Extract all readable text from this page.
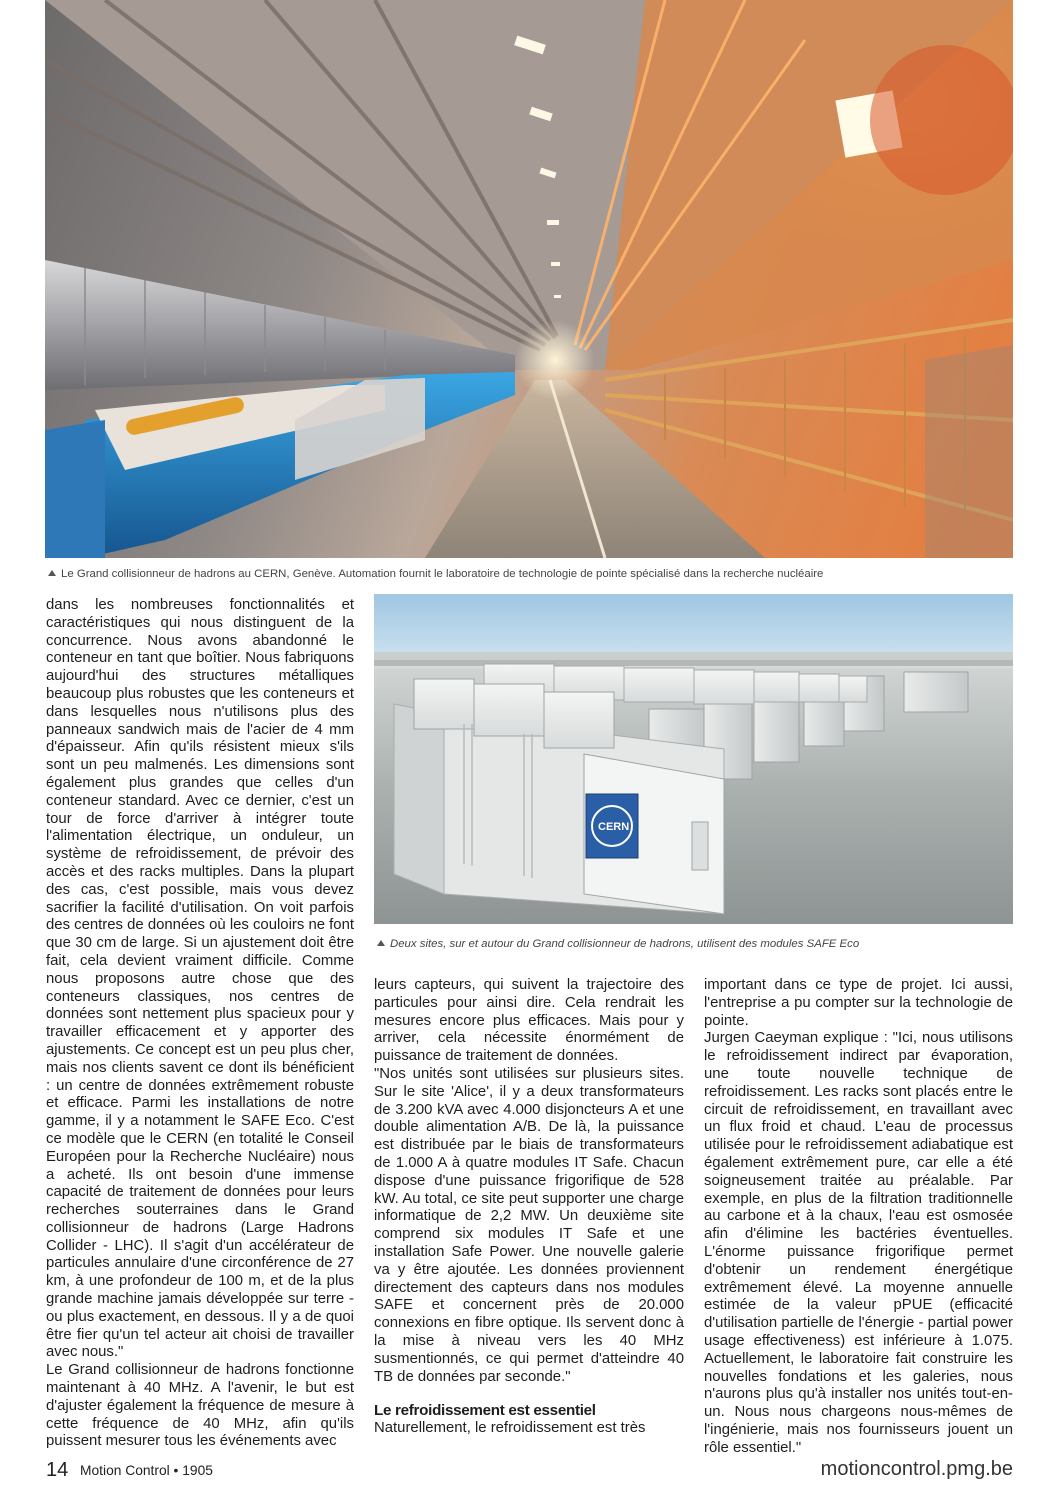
Le Grand collisionneur de hadrons au CERN, Genève. Automation fournit le laboratoire de technologie de pointe spécialisé dans la recherche nucléaire
CERN
Deux sites, sur et autour du Grand collisionneur de hadrons, utilisent des modules SAFE Eco

dans les nombreuses fonctionnalités et caractéristiques qui nous distinguent de la concurrence. Nous avons abandonné le conteneur en tant que boîtier. Nous fabriquons aujourd'hui des structures métalliques beaucoup plus robustes que les conteneurs et dans lesquelles nous n'utilisons plus des panneaux sandwich mais de l'acier de 4 mm d'épaisseur. Afin qu'ils résistent mieux s'ils sont un peu malmenés. Les dimensions sont également plus grandes que celles d'un conteneur standard. Avec ce dernier, c'est un tour de force d'arriver à intégrer toute l'alimentation électrique, un onduleur, un système de refroidissement, de prévoir des accès et des racks multiples. Dans la plupart des cas, c'est possible, mais vous devez sacrifier la facilité d'utilisation. On voit parfois des centres de données où les couloirs ne font que 30 cm de large. Si un ajustement doit être fait, cela devient vraiment difficile. Comme nous proposons autre chose que des conteneurs classiques, nos centres de données sont nettement plus spacieux pour y travailler efficacement et y apporter des ajustements. Ce concept est un peu plus cher, mais nos clients savent ce dont ils bénéficient : un centre de données extrêmement robuste et efficace. Parmi les installations de notre gamme, il y a notamment le SAFE Eco. C'est ce modèle que le CERN (en totalité le Conseil Européen pour la Recherche Nucléaire) nous a acheté. Ils ont besoin d'une immense capacité de traitement de données pour leurs recherches souterraines dans le Grand collisionneur de hadrons (Large Hadrons Collider - LHC). Il s'agit d'un accélérateur de particules annulaire d'une circonférence de 27 km, à une profondeur de 100 m, et de la plus grande machine jamais développée sur terre - ou plus exactement, en dessous. Il y a de quoi être fier qu'un tel acteur ait choisi de travailler avec nous."

Le Grand collisionneur de hadrons fonctionne maintenant à 40 MHz. A l'avenir, le but est d'ajuster également la fréquence de mesure à cette fréquence de 40 MHz, afin qu'ils puissent mesurer tous les événements avec

leurs capteurs, qui suivent la trajectoire des particules pour ainsi dire. Cela rendrait les mesures encore plus efficaces. Mais pour y arriver, cela nécessite énormément de puissance de traitement de données.

"Nos unités sont utilisées sur plusieurs sites. Sur le site 'Alice', il y a deux transformateurs de 3.200 kVA avec 4.000 disjoncteurs A et une double alimentation A/B. De là, la puissance est distribuée par le biais de transformateurs de 1.000 A à quatre modules IT Safe. Chacun dispose d'une puissance frigorifique de 528 kW. Au total, ce site peut supporter une charge informatique de 2,2 MW. Un deuxième site comprend six modules IT Safe et une installation Safe Power. Une nouvelle galerie va y être ajoutée. Les données proviennent directement des capteurs dans nos modules SAFE et concernent près de 20.000 connexions en fibre optique. Ils servent donc à la mise à niveau vers les 40 MHz susmentionnés, ce qui permet d'atteindre 40 TB de données par seconde."

Le refroidissement est essentiel

Naturellement, le refroidissement est très

important dans ce type de projet. Ici aussi, l'entreprise a pu compter sur la technologie de pointe.

Jurgen Caeyman explique : "Ici, nous utilisons le refroidissement indirect par évaporation, une toute nouvelle technique de refroidissement. Les racks sont placés entre le circuit de refroidissement, en travaillant avec un flux froid et chaud. L'eau de processus utilisée pour le refroidissement adiabatique est également extrêmement pure, car elle a été soigneusement traitée au préalable. Par exemple, en plus de la filtration traditionnelle au carbone et à la chaux, l'eau est osmosée afin d'élimine les bactéries éventuelles. L'énorme puissance frigorifique permet d'obtenir un rendement énergétique extrêmement élevé. La moyenne annuelle estimée de la valeur pPUE (efficacité d'utilisation partielle de l'énergie - partial power usage effectiveness) est inférieure à 1.075. Actuellement, le laboratoire fait construire les nouvelles fondations et les galeries, nous n'aurons plus qu'à installer nos unités tout-en-un. Nous nous chargeons nous-mêmes de l'ingénierie, mais nos fournisseurs jouent un rôle essentiel."

14 Motion Control • 1905	motioncontrol.pmg.be
